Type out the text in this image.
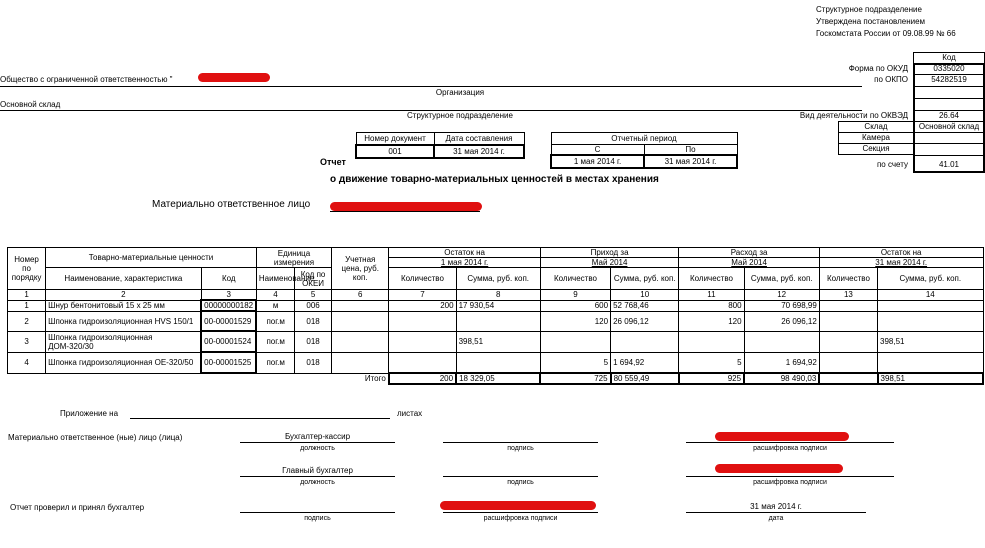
Структурное подразделение
Утверждена постановлением
Госкомстата России от 09.08.99 № 66
Код
Форма по ОКУД	0335020
по ОКПО	54282519
Вид деятельности по ОКВЭД	26.64
Склад	Основной склад
Камера
Секция
по счету	41.01
Общество с ограниченной ответственностью "
Организация
Основной склад
Структурное подразделение
Номер документ	Дата составления
001	31 мая 2014 г.
Отчетный период	
С	По
1 мая 2014 г.	31 мая 2014 г.
Отчет
о движение товарно-материальных ценностей в местах хранения
Материально ответственное лицо
Номер по порядку	Товарно-материальные ценности		Единица измерения		Учетная цена, руб. коп.	Остаток на		Приход за		Расход за		Остаток на	
						1 мая 2014 г.		Май 2014		Май 2014		31 мая 2014 г.	
	Наименование, характеристика	Код	Наименование	Код по ОКЕИ		Количество	Сумма, руб. коп.	Количество	Сумма, руб. коп.	Количество	Сумма, руб. коп.	Количество	Сумма, руб. коп.
1	2	3	4	5	6	7	8	9	10	11	12	13	14
1	Шнур бентонитовый 15 х 25 мм	00000000182	м	006		200	17 930,54	600	52 768,46	800	70 698,99		
2	Шпонка гидроизоляционная HVS 150/1	00-00001529	пог.м	018				120	26 096,12	120	26 096,12		
3	Шпонка гидроизоляционная ДОМ-320/30	00-00001524	пог.м	018			398,51						398,51
4	Шпонка гидроизоляционная ОЕ-320/50	00-00001525	пог.м	018				5	1 694,92	5	1 694,92		
					Итого	200	18 329,05	725	80 559,49	925	98 490,03		398,51
Приложение на	листах
Материально ответственное (ные) лицо (лица)	Бухгалтер-кассир
должность	подпись	расшифровка подписи
Главный бухгалтер
должность	подпись	расшифровка подписи
Отчет проверил и принял бухгалтер
подпись	расшифровка подписи
31 мая 2014 г.
дата
